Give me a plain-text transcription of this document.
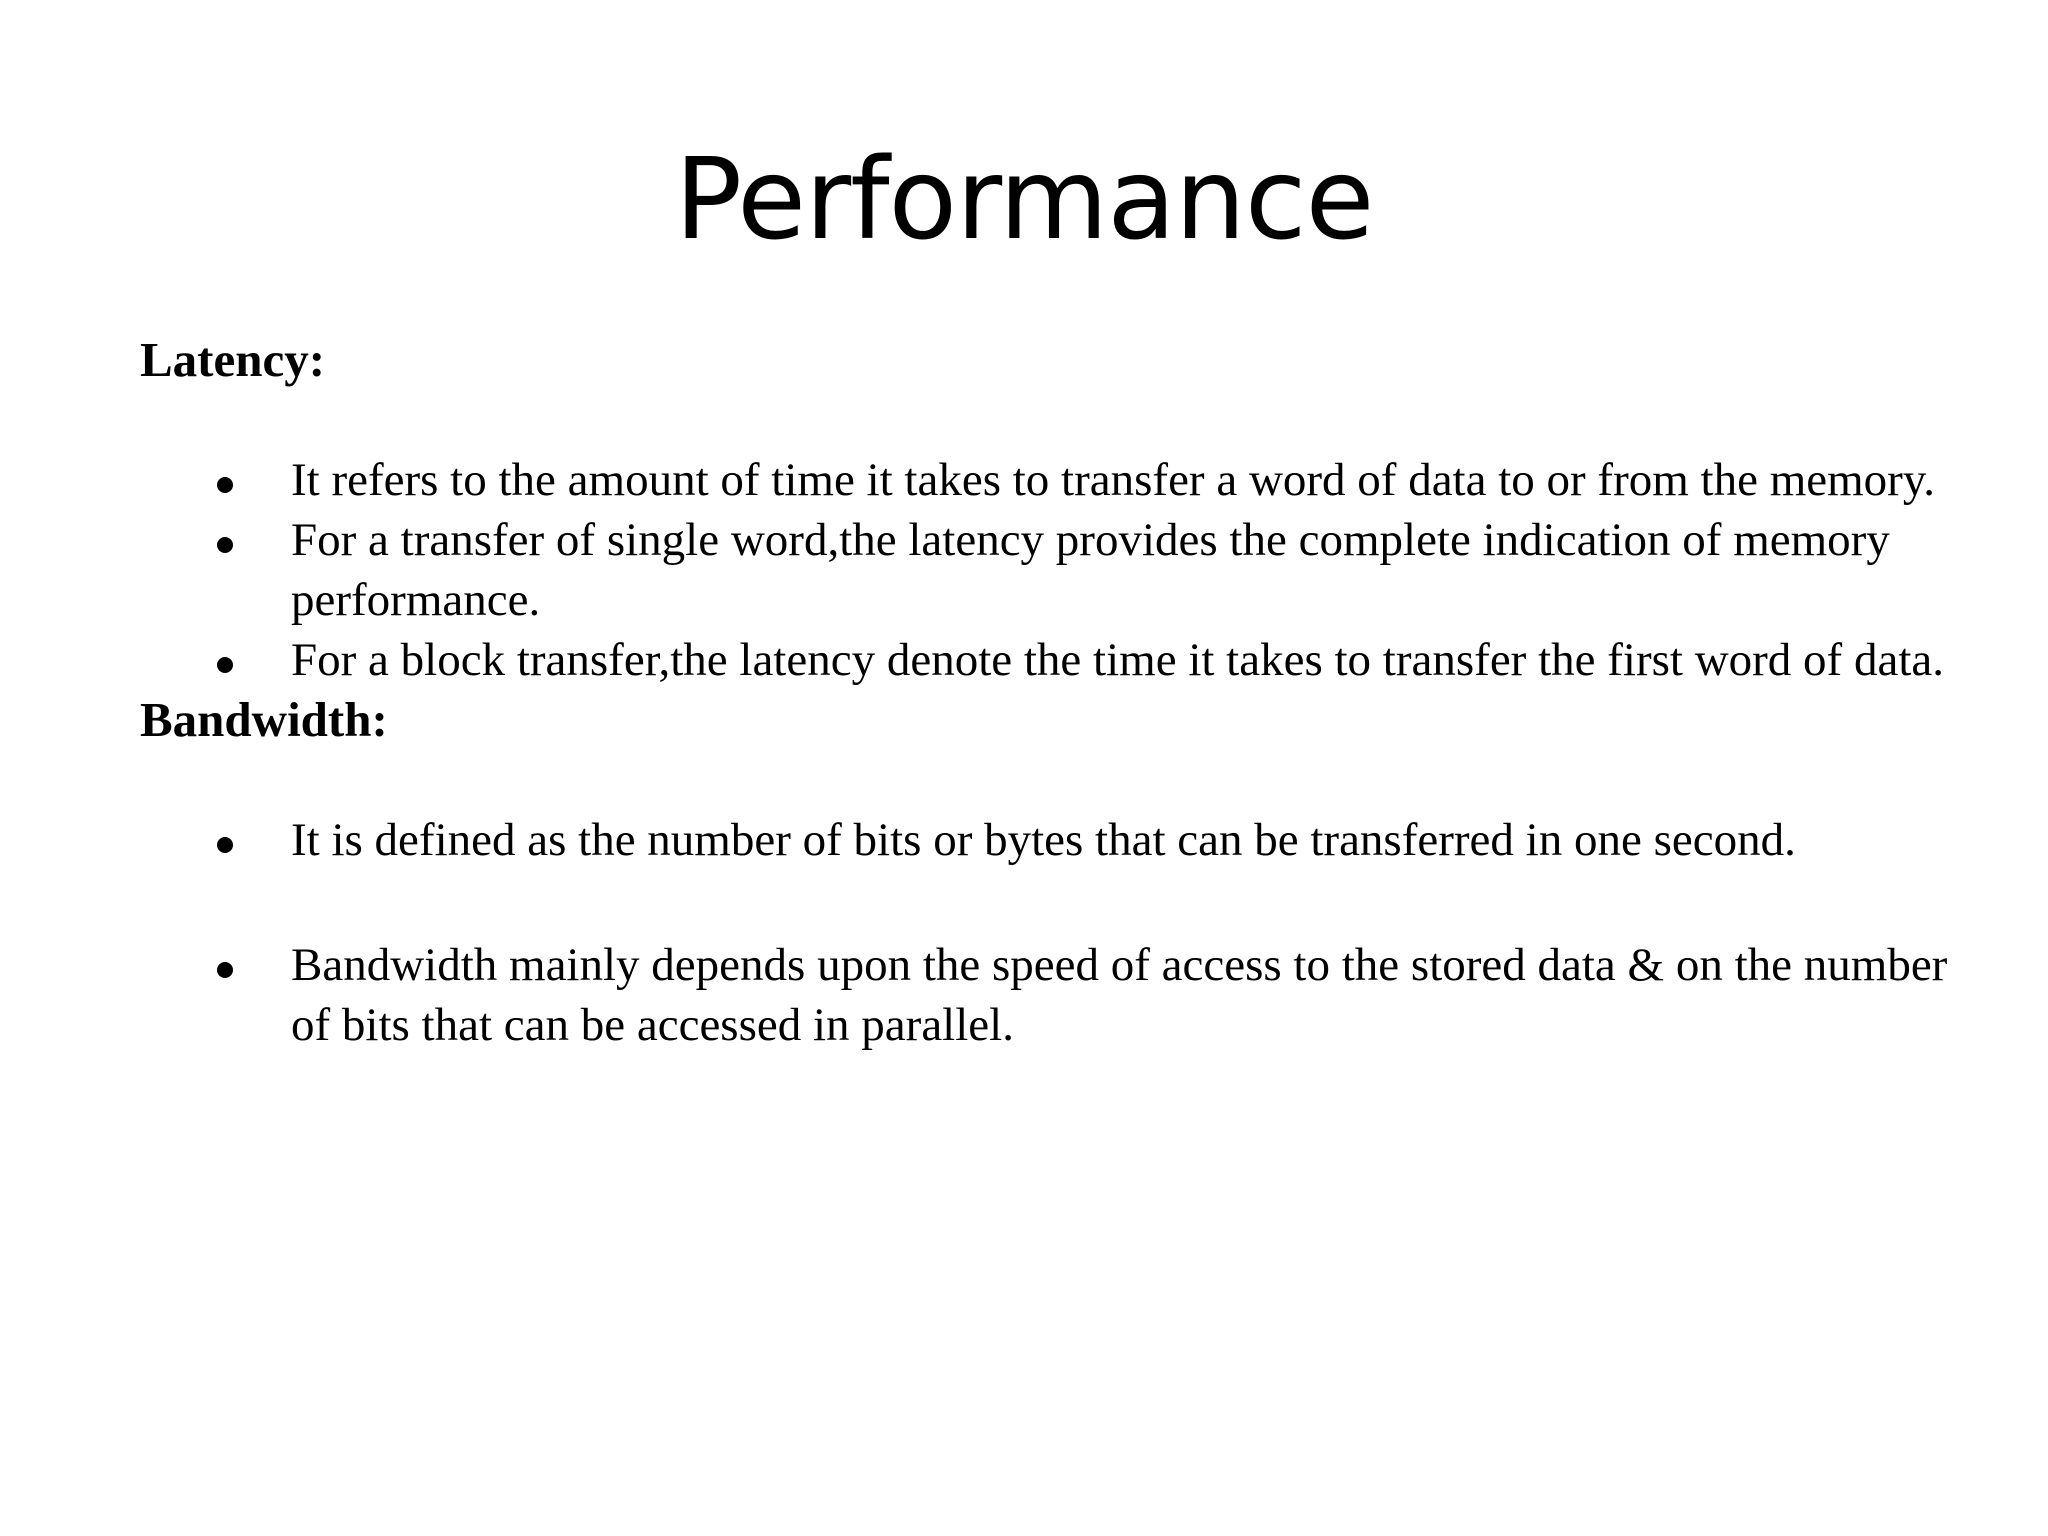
Performance

Latency:

It refers to the amount of time it takes to transfer a word of data to or from the memory.
For a transfer of single word,the latency provides the complete indication of memory performance.
For a block transfer,the latency denote the time it takes to transfer the first word of data.

Bandwidth:

It is defined as the number of bits or bytes that can be transferred in one second.
Bandwidth mainly depends upon the speed of access to the stored data & on the number of bits that can be accessed in parallel.
